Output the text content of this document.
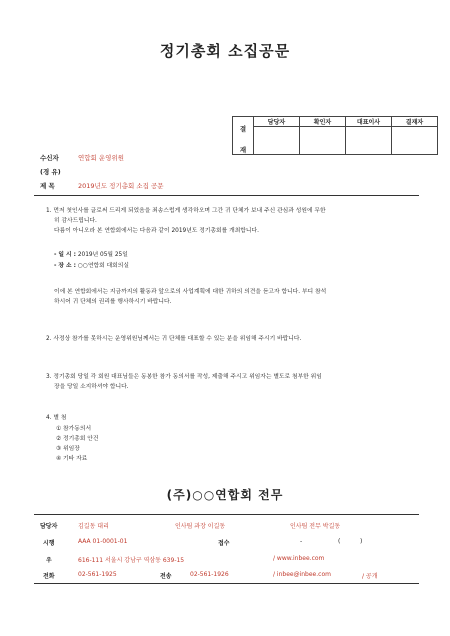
정기총회 소집공문
결
재	담당자	확인자	대표이사	결재자

수신자	연합회 운영위원
(경 유)
제 목	2019년도 정기총회 소집 공문
1. 먼저 첫인사를 글로써 드리게 되었음을 죄송스럽게 생각하오며 그간 귀 단체가 보내 주신 관심과 성원에 무한
히 감사드립니다.
다름이 아니오라 본 연합회에서는 다음과 같이 2019년도 정기총회를 개최합니다.
- 일 시 : 2019년 05월 25일
- 장 소 : ○○연합회 대회의실
이에 본 연합회에서는 지금까지의 활동과 앞으로의 사업계획에 대한 귀하의 의견을 듣고자 합니다. 부디 참석
하시어 귀 단체의 권리를 행사하시기 바랍니다.
2. 사정상 참가를 못하시는 운영위원님께서는 귀 단체를 대표할 수 있는 분을 위임해 주시기 바랍니다.
3. 정기총회 당일 각 회원 대표님들은 동봉한 참가 동의서를 작성, 제출해 주시고 위임자는 별도로 첨부한 위임
장을 당일 소지하셔야 합니다.
4. 별 첨
① 참가동의서
② 정기총회 안건
③ 위임장
④ 기타 자료
(주)○○연합회 전무
담당자	김길동 대리	인사팀 과장 이길동	인사팀 전무 박길동
시행	AAA 01-0001-01	접수	-	(	)
우	616-111 서울시 강남구 역삼동 639-15	/ www.inbee.com
전화	02-561-1925	전송	02-561-1926	/ inbee@inbee.com	/ 공개
